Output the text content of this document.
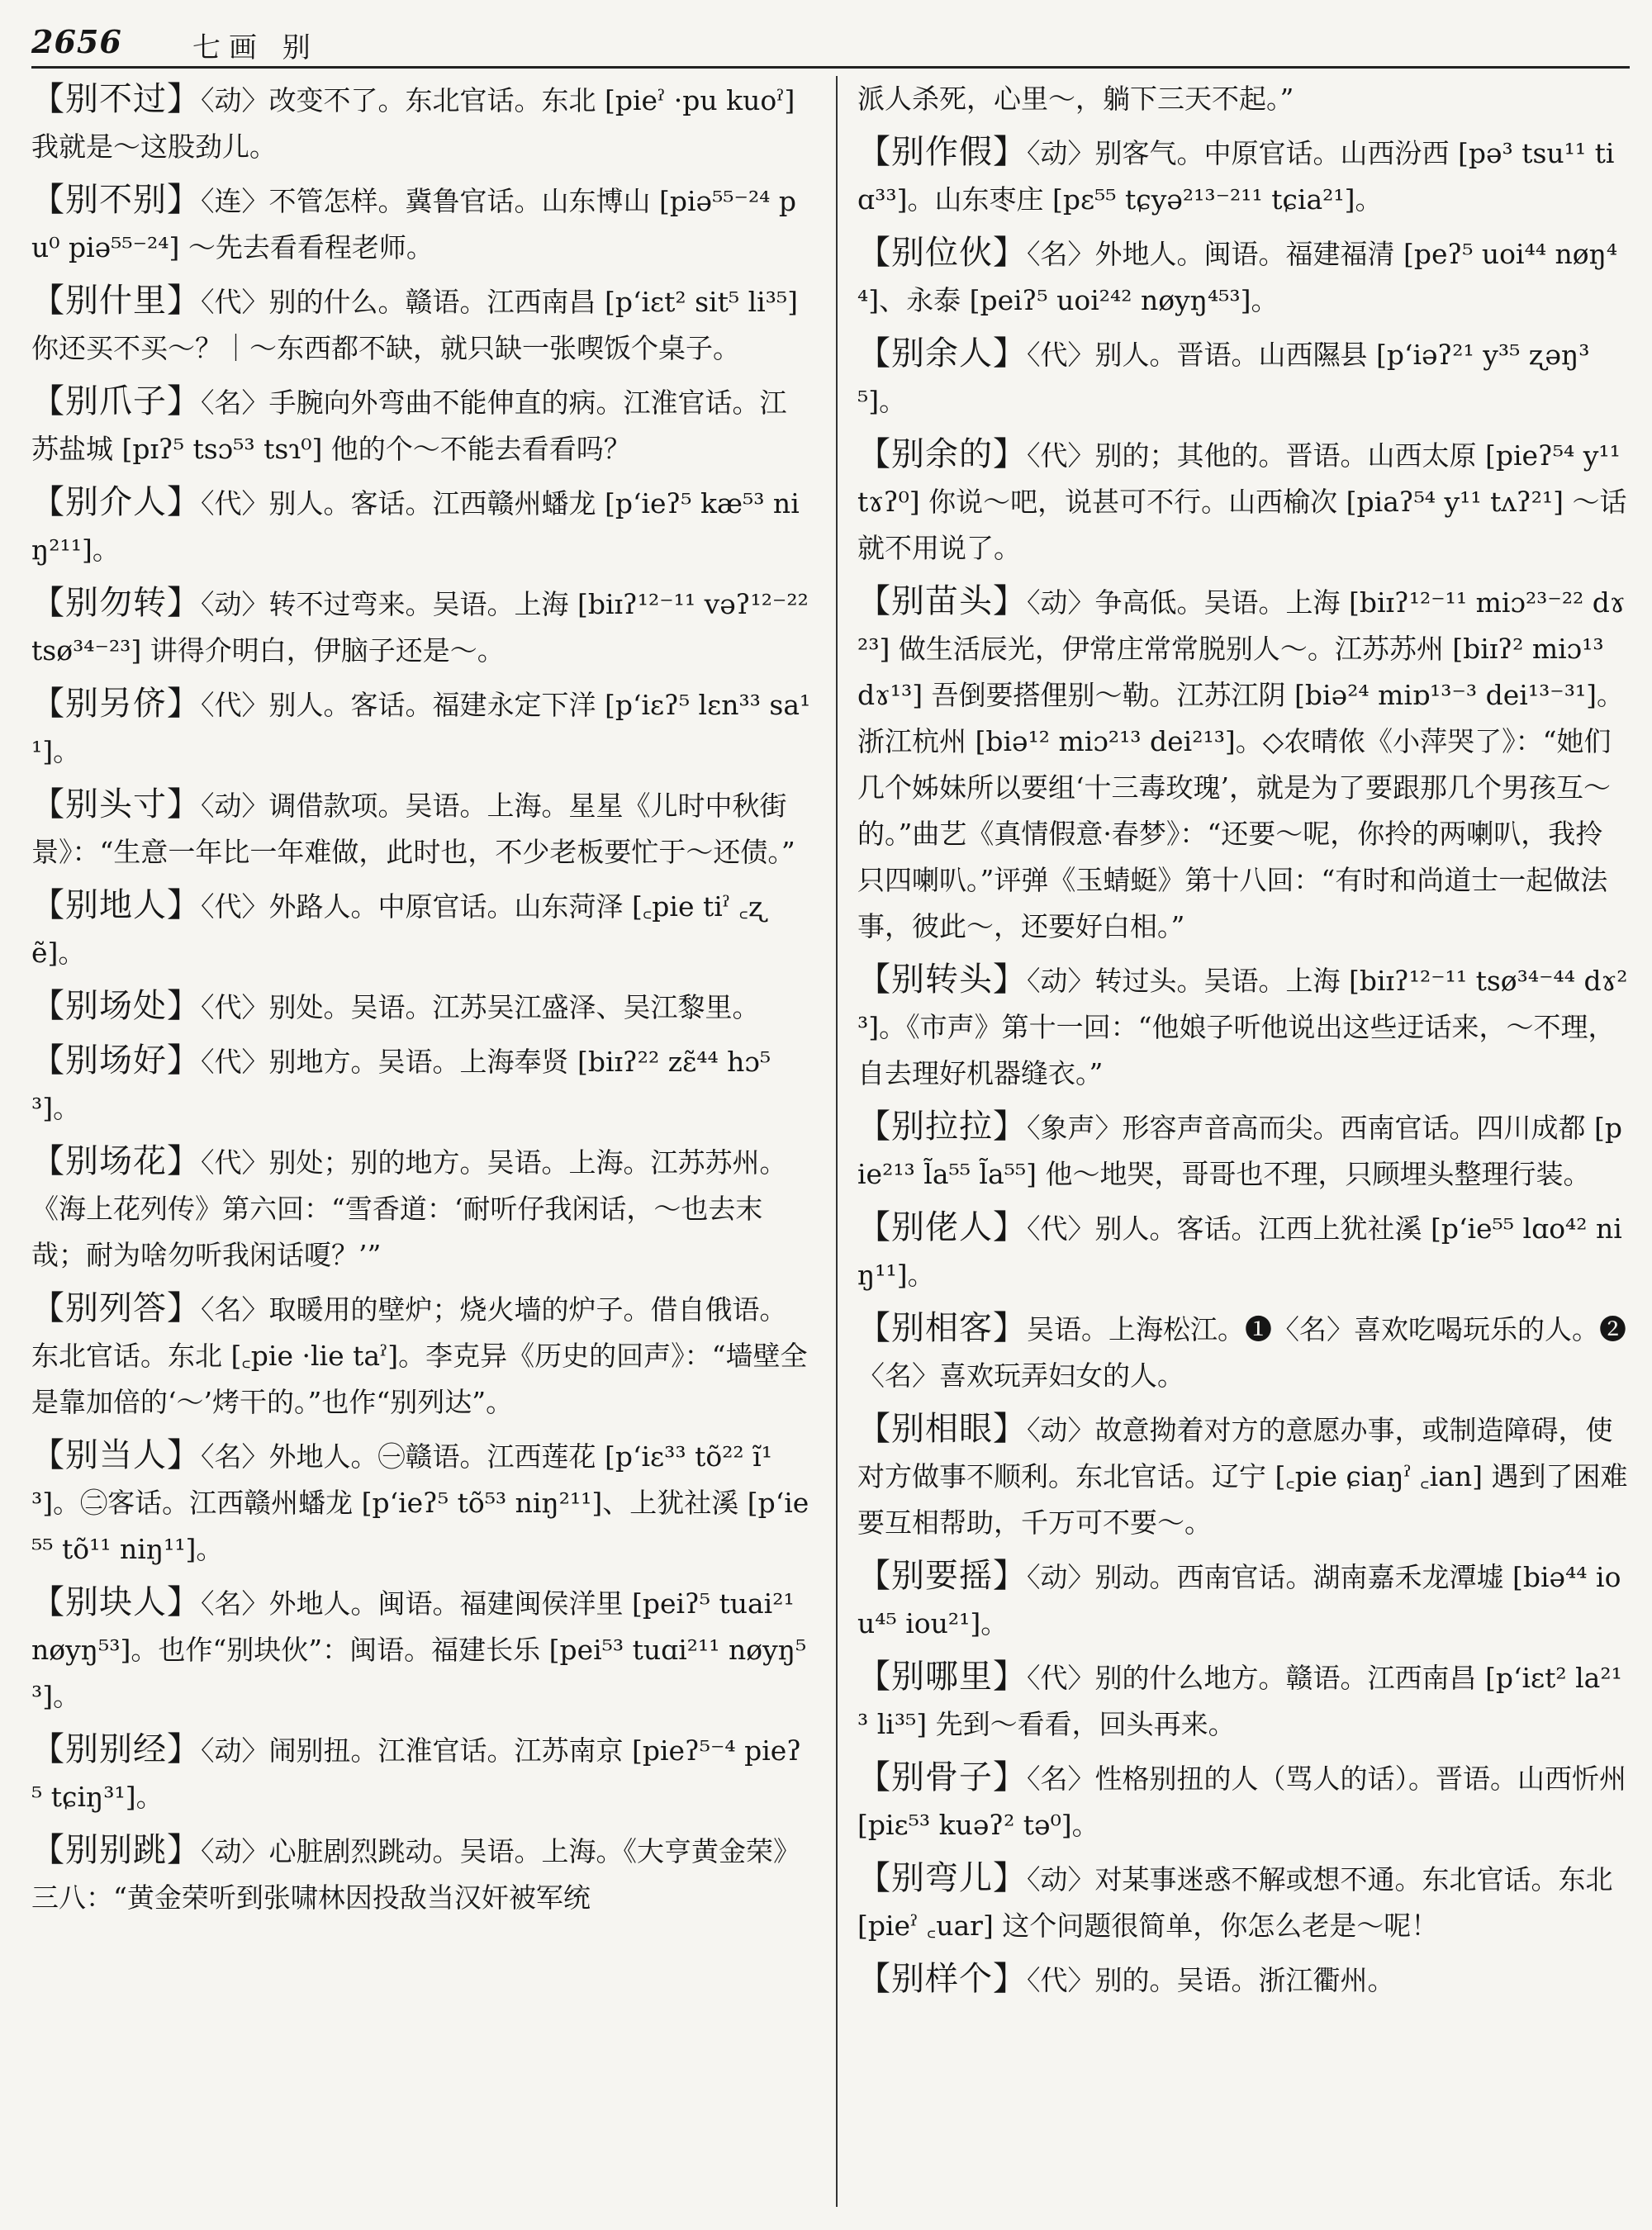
2656	七画 别

【别不过】〈动〉改变不了。东北官话。东北 [pieˀ ·pu kuoˀ] 我就是～这股劲儿。

【别不别】〈连〉不管怎样。冀鲁官话。山东博山 [piə⁵⁵⁻²⁴ pu⁰ piə⁵⁵⁻²⁴] ～先去看看程老师。

【别什里】〈代〉别的什么。赣语。江西南昌 [pʻiɛt² sit⁵ li³⁵] 你还买不买～？｜～东西都不缺，就只缺一张喫饭个桌子。

【别爪子】〈名〉手腕向外弯曲不能伸直的病。江淮官话。江苏盐城 [pɪʔ⁵ tsɔ⁵³ tsɿ⁰] 他的个～不能去看看吗？

【别介人】〈代〉别人。客话。江西赣州蟠龙 [pʻieʔ⁵ kæ⁵³ niŋ²¹¹]。

【别勿转】〈动〉转不过弯来。吴语。上海 [biɪʔ¹²⁻¹¹ vəʔ¹²⁻²² tsø³⁴⁻²³] 讲得介明白，伊脑子还是～。

【别另侪】〈代〉别人。客话。福建永定下洋 [pʻiɛʔ⁵ lɛn³³ sa¹¹]。

【别头寸】〈动〉调借款项。吴语。上海。星星《儿时中秋街景》：“生意一年比一年难做，此时也，不少老板要忙于～还债。”

【别地人】〈代〉外路人。中原官话。山东菏泽 [꜀pie tiˀ ꜀ʐẽ]。

【别场处】〈代〉别处。吴语。江苏吴江盛泽、吴江黎里。

【别场好】〈代〉别地方。吴语。上海奉贤 [biɪʔ²² zɛ̃⁴⁴ hɔ⁵³]。

【别场花】〈代〉别处；别的地方。吴语。上海。江苏苏州。《海上花列传》第六回：“雪香道：‘耐听仔我闲话，～也去末哉；耐为啥勿听我闲话嗄？’”

【别列答】〈名〉取暖用的壁炉；烧火墙的炉子。借自俄语。东北官话。东北 [꜀pie ·lie taˀ]。李克异《历史的回声》：“墙壁全是靠加倍的‘～’烤干的。”也作“别列达”。

【别当人】〈名〉外地人。㊀赣语。江西莲花 [pʻiɛ³³ tõ²² ĩ¹³]。㊁客话。江西赣州蟠龙 [pʻieʔ⁵ tõ⁵³ niŋ²¹¹]、上犹社溪 [pʻie⁵⁵ tõ¹¹ niŋ¹¹]。

【别块人】〈名〉外地人。闽语。福建闽侯洋里 [peiʔ⁵ tuai²¹ nøyŋ⁵³]。也作“别块伙”：闽语。福建长乐 [pei⁵³ tuɑi²¹¹ nøyŋ⁵³]。

【别别经】〈动〉闹别扭。江淮官话。江苏南京 [pieʔ⁵⁻⁴ pieʔ⁵ tɕiŋ³¹]。

【别别跳】〈动〉心脏剧烈跳动。吴语。上海。《大亨黄金荣》三八：“黄金荣听到张啸林因投敌当汉奸被军统

派人杀死，心里～，躺下三天不起。”

【别作假】〈动〉别客气。中原官话。山西汾西 [pə³ tsu¹¹ tiɑ³³]。山东枣庄 [pɛ⁵⁵ tɕyə²¹³⁻²¹¹ tɕia²¹]。

【别位伙】〈名〉外地人。闽语。福建福清 [peʔ⁵ uoi⁴⁴ nøŋ⁴⁴]、永泰 [peiʔ⁵ uoi²⁴² nøyŋ⁴⁵³]。

【别余人】〈代〉别人。晋语。山西隰县 [pʻiəʔ²¹ y³⁵ ʐəŋ³⁵]。

【别余的】〈代〉别的；其他的。晋语。山西太原 [pieʔ⁵⁴ y¹¹ tɤʔ⁰] 你说～吧，说甚可不行。山西榆次 [piaʔ⁵⁴ y¹¹ tʌʔ²¹] ～话就不用说了。

【别苗头】〈动〉争高低。吴语。上海 [biɪʔ¹²⁻¹¹ miɔ²³⁻²² dɤ²³] 做生活辰光，伊常庄常常脱别人～。江苏苏州 [biɪʔ² miɔ¹³ dɤ¹³] 吾倒要搭俚别～勒。江苏江阴 [biə²⁴ miɒ¹³⁻³ dei¹³⁻³¹]。浙江杭州 [biə¹² miɔ²¹³ dei²¹³]。◇农晴侬《小萍哭了》：“她们几个姊妹所以要组‘十三毒玫瑰’，就是为了要跟那几个男孩互～的。”曲艺《真情假意·春梦》：“还要～呢，你拎的两喇叭，我拎只四喇叭。”评弹《玉蜻蜓》第十八回：“有时和尚道士一起做法事，彼此～，还要好白相。”

【别转头】〈动〉转过头。吴语。上海 [biɪʔ¹²⁻¹¹ tsø³⁴⁻⁴⁴ dɤ²³]。《市声》第十一回：“他娘子听他说出这些迂话来，～不理，自去理好机器缝衣。”

【别拉拉】〈象声〉形容声音高而尖。西南官话。四川成都 [pie²¹³ l̃a⁵⁵ l̃a⁵⁵] 他～地哭，哥哥也不理，只顾埋头整理行装。

【别佬人】〈代〉别人。客话。江西上犹社溪 [pʻie⁵⁵ lɑo⁴² niŋ¹¹]。

【别相客】吴语。上海松江。❶〈名〉喜欢吃喝玩乐的人。❷〈名〉喜欢玩弄妇女的人。

【别相眼】〈动〉故意拗着对方的意愿办事，或制造障碍，使对方做事不顺利。东北官话。辽宁 [꜀pie ɕiaŋˀ ꜀ian] 遇到了困难要互相帮助，千万可不要～。

【别要摇】〈动〉别动。西南官话。湖南嘉禾龙潭墟 [biə⁴⁴ iou⁴⁵ iou²¹]。

【别哪里】〈代〉别的什么地方。赣语。江西南昌 [pʻiɛt² la²¹³ li³⁵] 先到～看看，回头再来。

【别骨子】〈名〉性格别扭的人（骂人的话）。晋语。山西忻州 [piɛ⁵³ kuəʔ² tə⁰]。

【别弯儿】〈动〉对某事迷惑不解或想不通。东北官话。东北 [pieˀ ꜀uar] 这个问题很简单，你怎么老是～呢！

【别样个】〈代〉别的。吴语。浙江衢州。
